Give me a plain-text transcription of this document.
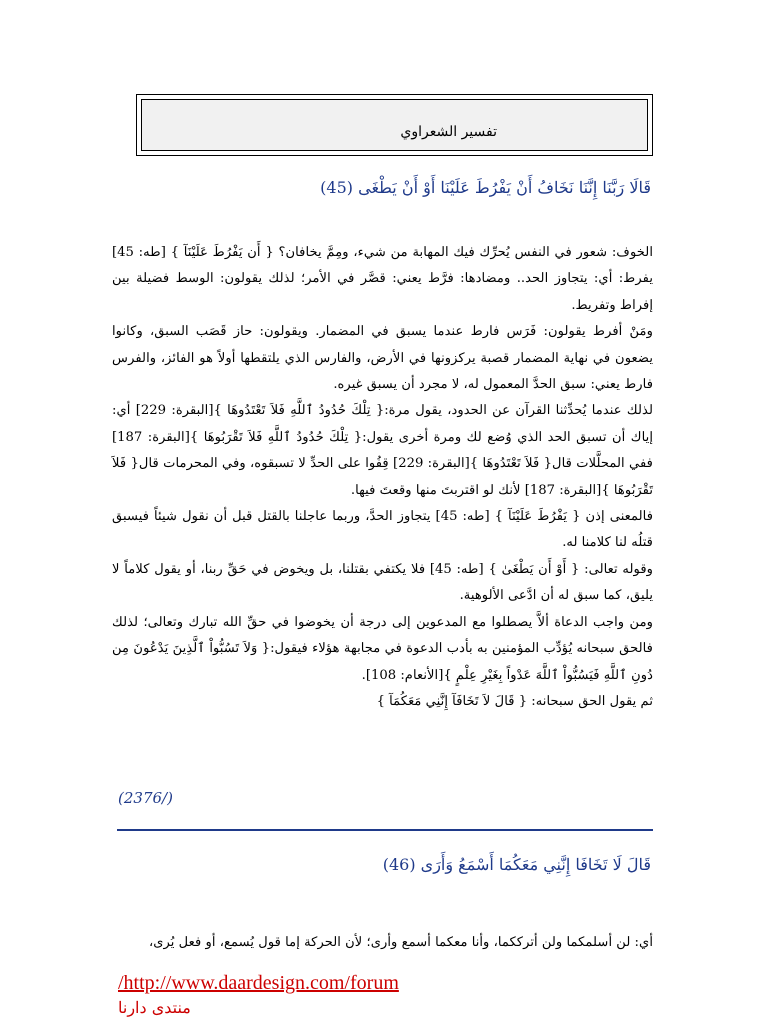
تفسير الشعراوي
قَالَا رَبَّنَا إِنَّنَا نَخَافُ أَنْ يَفْرُطَ عَلَيْنَا أَوْ أَنْ يَطْغَى (45)

الخوف: شعور في النفس يُحرِّك فيك المهابة من شيء، ومِمَّ يخافان؟ { أَن يَفْرُطَ عَلَيْنَآ } [طه: 45] يفرط: أي: يتجاوز الحد.. ومضادها: فرَّط يعني: قصَّر في الأمر؛ لذلك يقولون: الوسط فضيلة بين إفراط وتفريط.

ومَنْ أفرط يقولون: فَرَس فارط عندما يسبق في المضمار. ويقولون: حاز قَصَب السبق، وكانوا يضعون في نهاية المضمار قصبة يركزونها في الأرض، والفارس الذي يلتقطها أولاً هو الفائز، والفرس فارط يعني: سبق الحدَّ المعمول له، لا مجرد أن يسبق غيره.

لذلك عندما يُحدِّثنا القرآن عن الحدود، يقول مرة:{ تِلْكَ حُدُودُ ٱللَّهِ فَلاَ تَعْتَدُوهَا }[البقرة: 229] أي: إياك أن تسبق الحد الذي وُضع لك ومرة أخرى يقول:{ تِلْكَ حُدُودُ ٱللَّهِ فَلاَ تَقْرَبُوهَا }[البقرة: 187] ففي المحلَّلات قال{ فَلاَ تَعْتَدُوهَا }[البقرة: 229] قِفُوا على الحدِّ لا تسبقوه، وفي المحرمات قال{ فَلاَ تَقْرَبُوهَا }[البقرة: 187] لأنك لو اقتربتَ منها وقعتَ فيها.

فالمعنى إذن { يَفْرُطَ عَلَيْنَآ } [طه: 45] يتجاوز الحدَّ، وربما عاجلنا بالقتل قبل أن نقول شيئاً فيسبق قتلُه لنا كلامنا له.

وقوله تعالى: { أَوْ أَن يَطْغَىٰ } [طه: 45] فلا يكتفي بقتلنا، بل ويخوض في حَقِّ ربنا، أو يقول كلاماً لا يليق، كما سبق له أن ادَّعى الألوهية.

ومن واجب الدعاة ألاَّ يصطلوا مع المدعوين إلى درجة أن يخوضوا في حقِّ الله تبارك وتعالى؛ لذلك فالحق سبحانه يُؤدِّب المؤمنين به بأدب الدعوة في مجابهة هؤلاء فيقول:{ وَلاَ تَسُبُّواْ ٱلَّذِينَ يَدْعُونَ مِن دُونِ ٱللَّهِ فَيَسُبُّواْ ٱللَّهَ عَدْواً بِغَيْرِ عِلْمٍ }[الأنعام: 108].

ثم يقول الحق سبحانه: { قَالَ لاَ تَخَافَآ إِنَّنِي مَعَكُمَآ }

(2376/)
قَالَ لَا تَخَافَا إِنَّنِي مَعَكُمَا أَسْمَعُ وَأَرَى (46)
أي: لن أسلمكما ولن أترككما، وأنا معكما أسمع وأرى؛ لأن الحركة إما قول يُسمع، أو فعل يُرى،
/http://www.daardesign.com/forum
منتدى دارنا
